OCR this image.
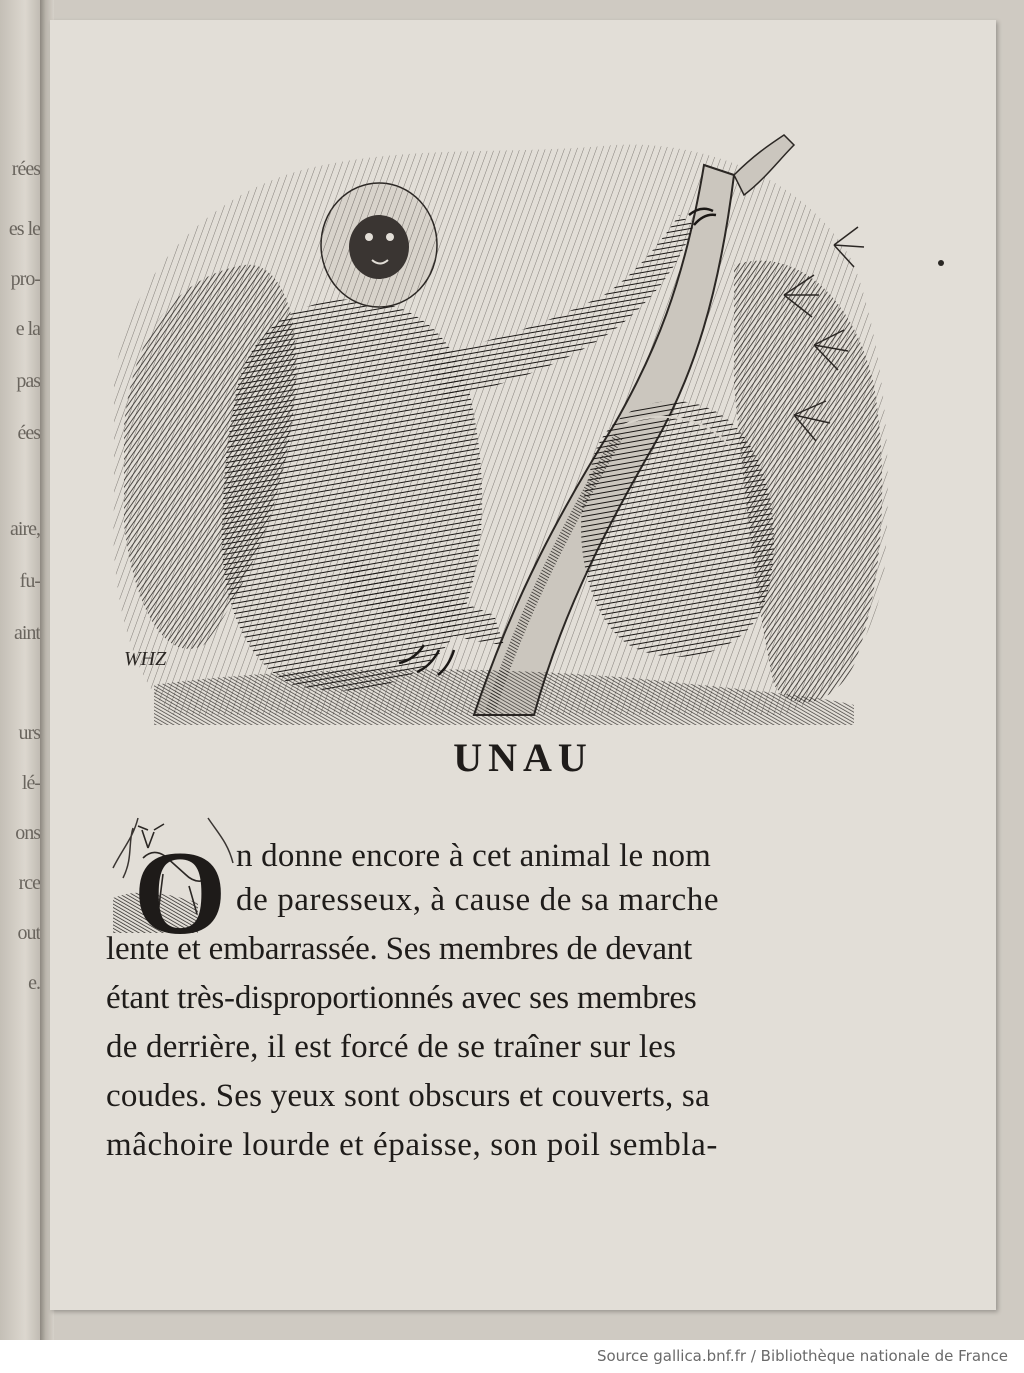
rées
es le
pro-
e la
pas
ées
aire,
fu-
aint
urs
lé-
ons
rce
out
e.
WHZ
UNAU
O n donne encore à cet animal le nom

de paresseux, à cause de sa marche

lente et embarrassée. Ses membres de devant

étant très-disproportionnés avec ses membres

de derrière, il est forcé de se traîner sur les

coudes. Ses yeux sont obscurs et couverts, sa

mâchoire lourde et épaisse, son poil sembla-

Source gallica.bnf.fr / Bibliothèque nationale de France
